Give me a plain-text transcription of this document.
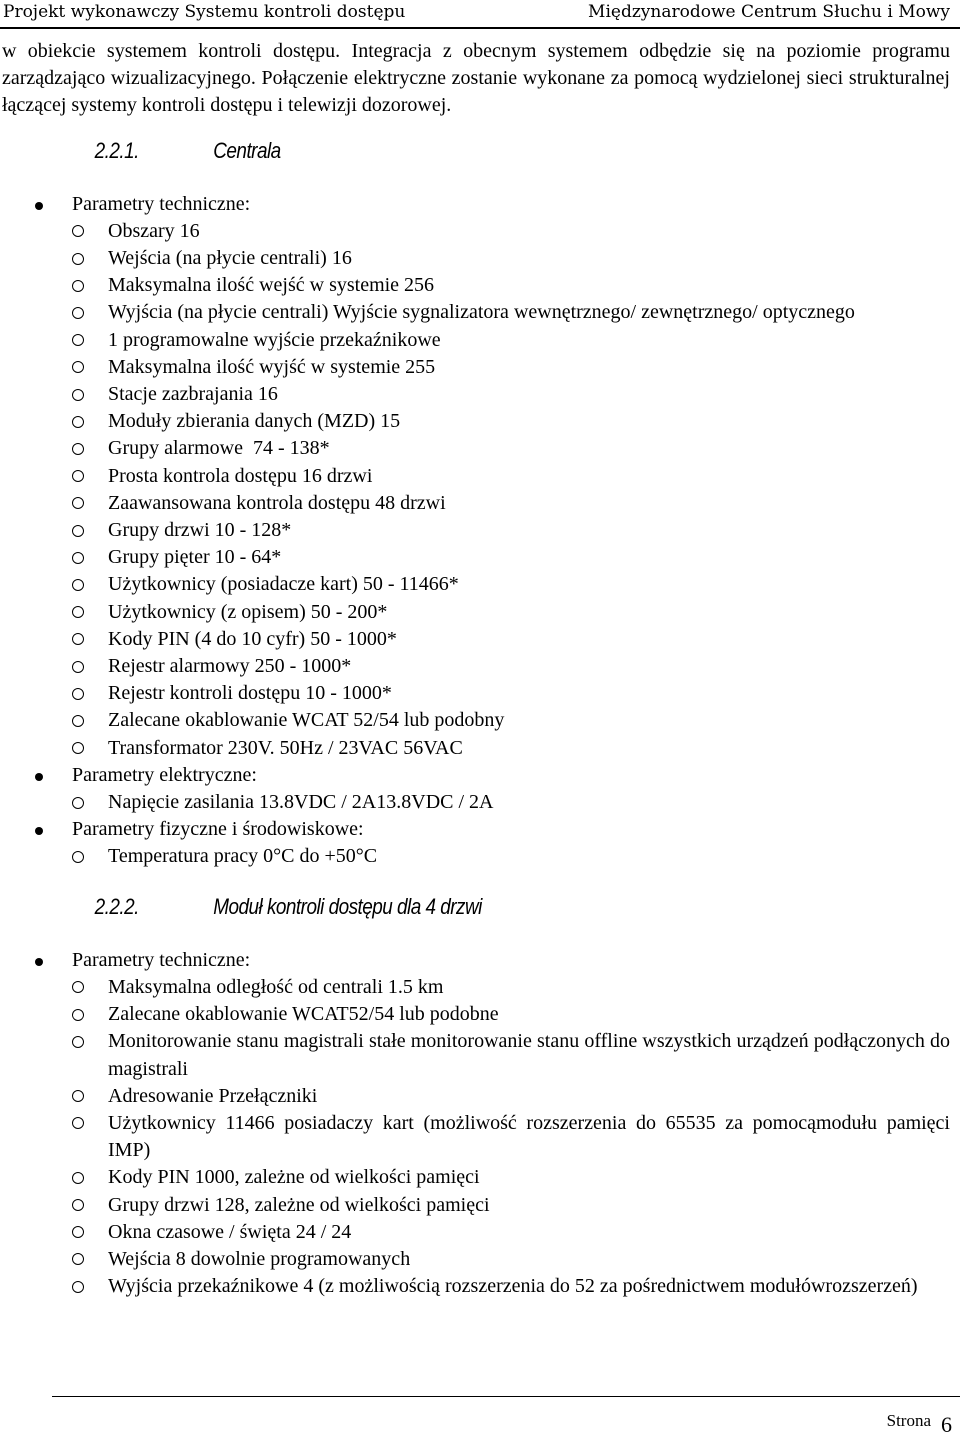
Projekt wykonawczy Systemu kontroli dostępu	Międzynarodowe Centrum Słuchu i Mowy

w obiekcie systemem kontroli dostępu. Integracja z obecnym systemem odbędzie się na poziomie programu zarządzająco wizualizacyjnego. Połączenie elektryczne zostanie wykonane za pomocą wydzielonej sieci strukturalnej łączącej systemy kontroli dostępu i telewizji dozorowej.

2.2.1.	Centrala
Parametry techniczne:
Obszary 16
Wejścia (na płycie centrali) 16
Maksymalna ilość wejść w systemie 256
Wyjścia (na płycie centrali) Wyjście sygnalizatora wewnętrznego/ zewnętrznego/ optycznego
1 programowalne wyjście przekaźnikowe
Maksymalna ilość wyjść w systemie 255
Stacje zazbrajania 16
Moduły zbierania danych (MZD) 15
Grupy alarmowe  74 - 138*
Prosta kontrola dostępu 16 drzwi
Zaawansowana kontrola dostępu 48 drzwi
Grupy drzwi 10 - 128*
Grupy pięter 10 - 64*
Użytkownicy (posiadacze kart) 50 - 11466*
Użytkownicy (z opisem) 50 - 200*
Kody PIN (4 do 10 cyfr) 50 - 1000*
Rejestr alarmowy 250 - 1000*
Rejestr kontroli dostępu 10 - 1000*
Zalecane okablowanie WCAT 52/54 lub podobny
Transformator 230V. 50Hz / 23VAC 56VAC
Parametry elektryczne:
Napięcie zasilania 13.8VDC / 2A13.8VDC / 2A
Parametry fizyczne i środowiskowe:
Temperatura pracy 0°C do +50°C
2.2.2.	Moduł kontroli dostępu dla 4 drzwi
Parametry techniczne:
Maksymalna odległość od centrali 1.5 km
Zalecane okablowanie WCAT52/54 lub podobne
Monitorowanie stanu magistrali stałe monitorowanie stanu offline wszystkich urządzeń podłączonych do magistrali
Adresowanie Przełączniki
Użytkownicy 11466 posiadaczy kart (możliwość rozszerzenia do 65535 za pomocąmodułu pamięci IMP)
Kody PIN 1000, zależne od wielkości pamięci
Grupy drzwi 128, zależne od wielkości pamięci
Okna czasowe / święta 24 / 24
Wejścia 8 dowolnie programowanych
Wyjścia przekaźnikowe 4 (z możliwością rozszerzenia do 52 za pośrednictwem modułówrozszerzeń)
Strona 6
